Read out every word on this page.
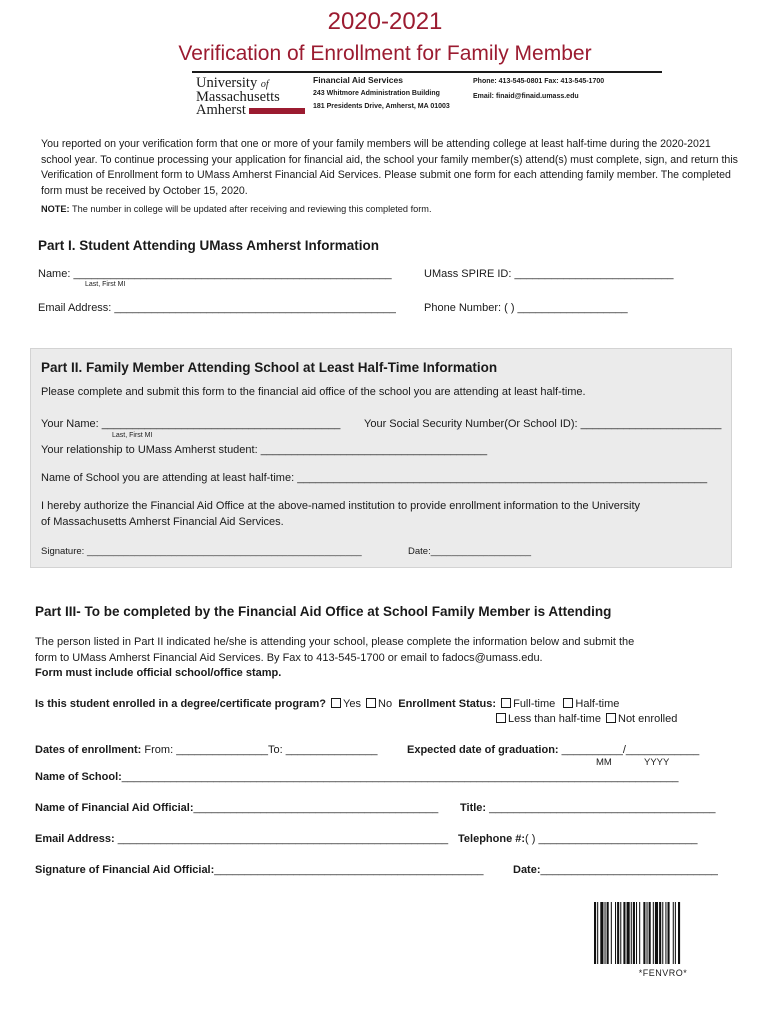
2020-2021
Verification of Enrollment for Family Member
University of
Massachusetts
Amherst
Financial Aid Services
243 Whitmore Administration Building
181 Presidents Drive, Amherst, MA 01003
Phone: 413-545-0801 Fax: 413-545-1700
Email: finaid@finaid.umass.edu
You reported on your verification form that one or more of your family members will be attending college at least half-time during the 2020-2021 school year. To continue processing your application for financial aid, the school your family member(s) attend(s) must complete, sign, and return this Verification of Enrollment form to UMass Amherst Financial Aid Services. Please submit one form for each attending family member. The completed form must be received by October 15, 2020.
NOTE: The number in college will be updated after receiving and reviewing this completed form.
Part I. Student Attending UMass Amherst Information
Name: ____________________________________________________
Last, First MI
UMass SPIRE ID: __________________________
Email Address: ______________________________________________	Phone Number: ( ) __________________
Part II. Family Member Attending School at Least Half-Time Information
Please complete and submit this form to the financial aid office of the school you are attending at least half-time.
Your Name: _______________________________________
Last, First MI
Your Social Security Number(Or School ID): _______________________
Your relationship to UMass Amherst student: _____________________________________
Name of School you are attending at least half-time: ___________________________________________________________________
I hereby authorize the Financial Aid Office at the above-named institution to provide enrollment information to the University
of Massachusetts Amherst Financial Aid Services.
Signature: ____________________________________________________	Date:___________________
Part III- To be completed by the Financial Aid Office at School Family Member is Attending
The person listed in Part II indicated he/she is attending your school, please complete the information below and submit the
form to UMass Amherst Financial Aid Services. By Fax to 413-545-1700 or email to fadocs@umass.edu.
Form must include official school/office stamp.
Is this student enrolled in a degree/certificate program? Yes No Enrollment Status: Full-time Half-time
Less than half-time Not enrolled
Dates of enrollment: From: _______________To: _______________	Expected date of graduation: __________/____________
MM	YYYY
Name of School:___________________________________________________________________________________________
Name of Financial Aid Official:________________________________________ Title: _____________________________________
Email Address: ______________________________________________________ Telephone #:( ) __________________________
Signature of Financial Aid Official:____________________________________________	Date:_____________________________
*FENVRO*
